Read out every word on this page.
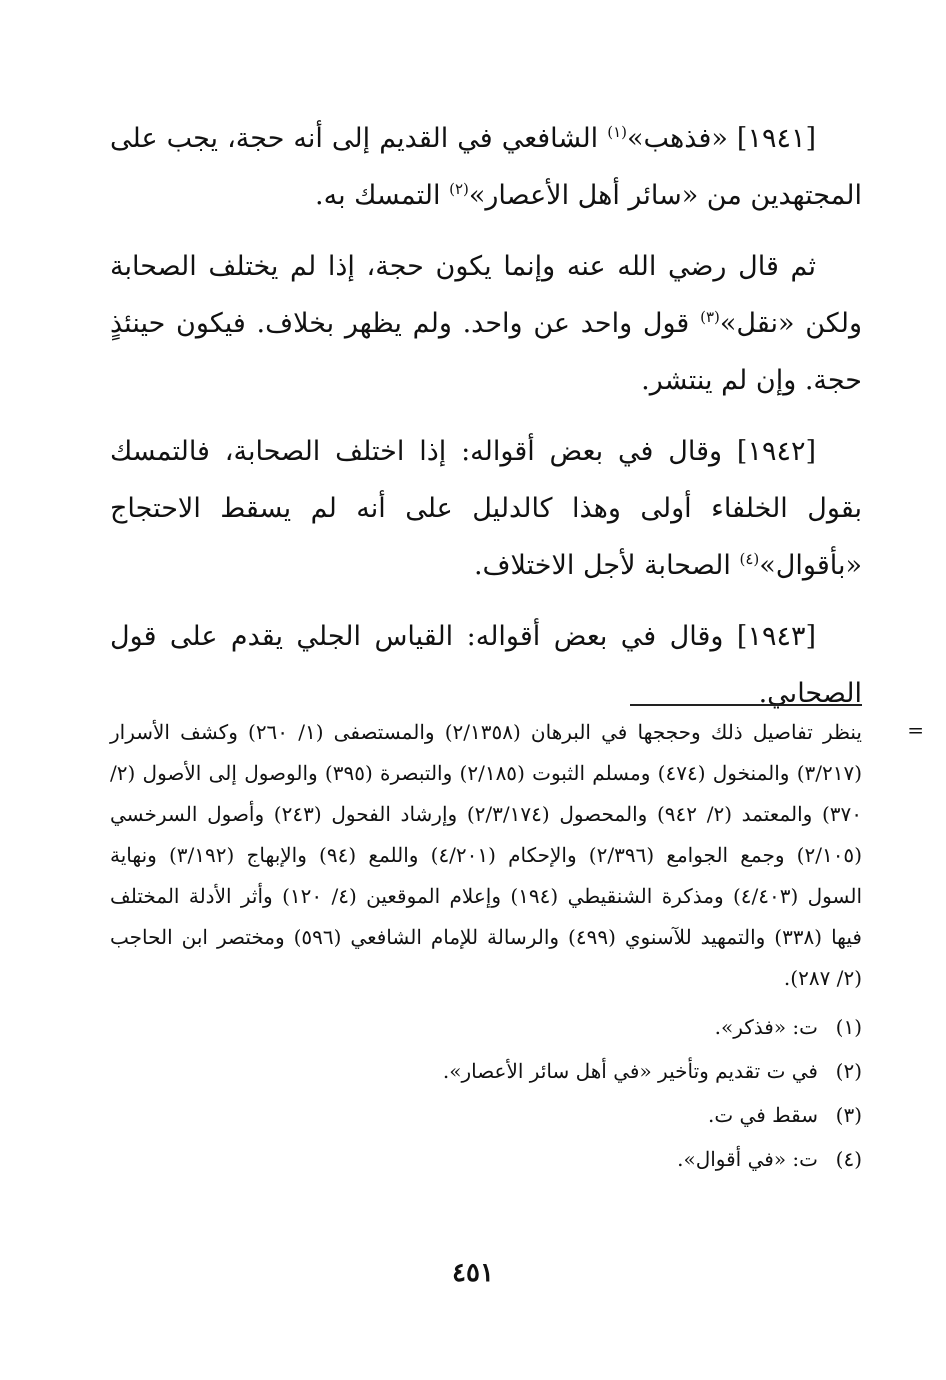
[١٩٤١] «فذهب»$^{(١)}$ الشافعي في القديم إلى أنه حجة، يجب على المجتهدين من «سائر أهل الأعصار»$^{(٢)}$ التمسك به.

ثم قال رضي الله عنه وإنما يكون حجة، إذا لم يختلف الصحابة ولكن «نقل»$^{(٣)}$ قول واحد عن واحد. ولم يظهر بخلاف. فيكون حينئذٍ حجة. وإن لم ينتشر.

[١٩٤٢] وقال في بعض أقواله: إذا اختلف الصحابة، فالتمسك بقول الخلفاء أولى وهذا كالدليل على أنه لم يسقط الاحتجاج «بأقوال»$^{(٤)}$ الصحابة لأجل الاختلاف.

[١٩٤٣] وقال في بعض أقواله: القياس الجلي يقدم على قول الصحابي.

=

ينظر تفاصيل ذلك وحججها في البرهان (٢/١٣٥٨) والمستصفى (١/ ٢٦٠) وكشف الأسرار (٣/٢١٧) والمنخول (٤٧٤) ومسلم الثبوت (٢/١٨٥) والتبصرة (٣٩٥) والوصول إلى الأصول (٢/ ٣٧٠) والمعتمد (٢/ ٩٤٢) والمحصول (٢/٣/١٧٤) وإرشاد الفحول (٢٤٣) وأصول السرخسي (٢/١٠٥) وجمع الجوامع (٢/٣٩٦) والإحكام (٤/٢٠١) واللمع (٩٤) والإبهاج (٣/١٩٢) ونهاية السول (٤/٤٠٣) ومذكرة الشنقيطي (١٩٤) وإعلام الموقعين (٤/ ١٢٠) وأثر الأدلة المختلف فيها (٣٣٨) والتمهيد للآسنوي (٤٩٩) والرسالة للإمام الشافعي (٥٩٦) ومختصر ابن الحاجب (٢/ ٢٨٧).

(١)
ت: «فذكر».
(٢)
في ت تقديم وتأخير «في أهل سائر الأعصار».
(٣)
سقط في ت.
(٤)
ت: «في أقوال».
٤٥١
